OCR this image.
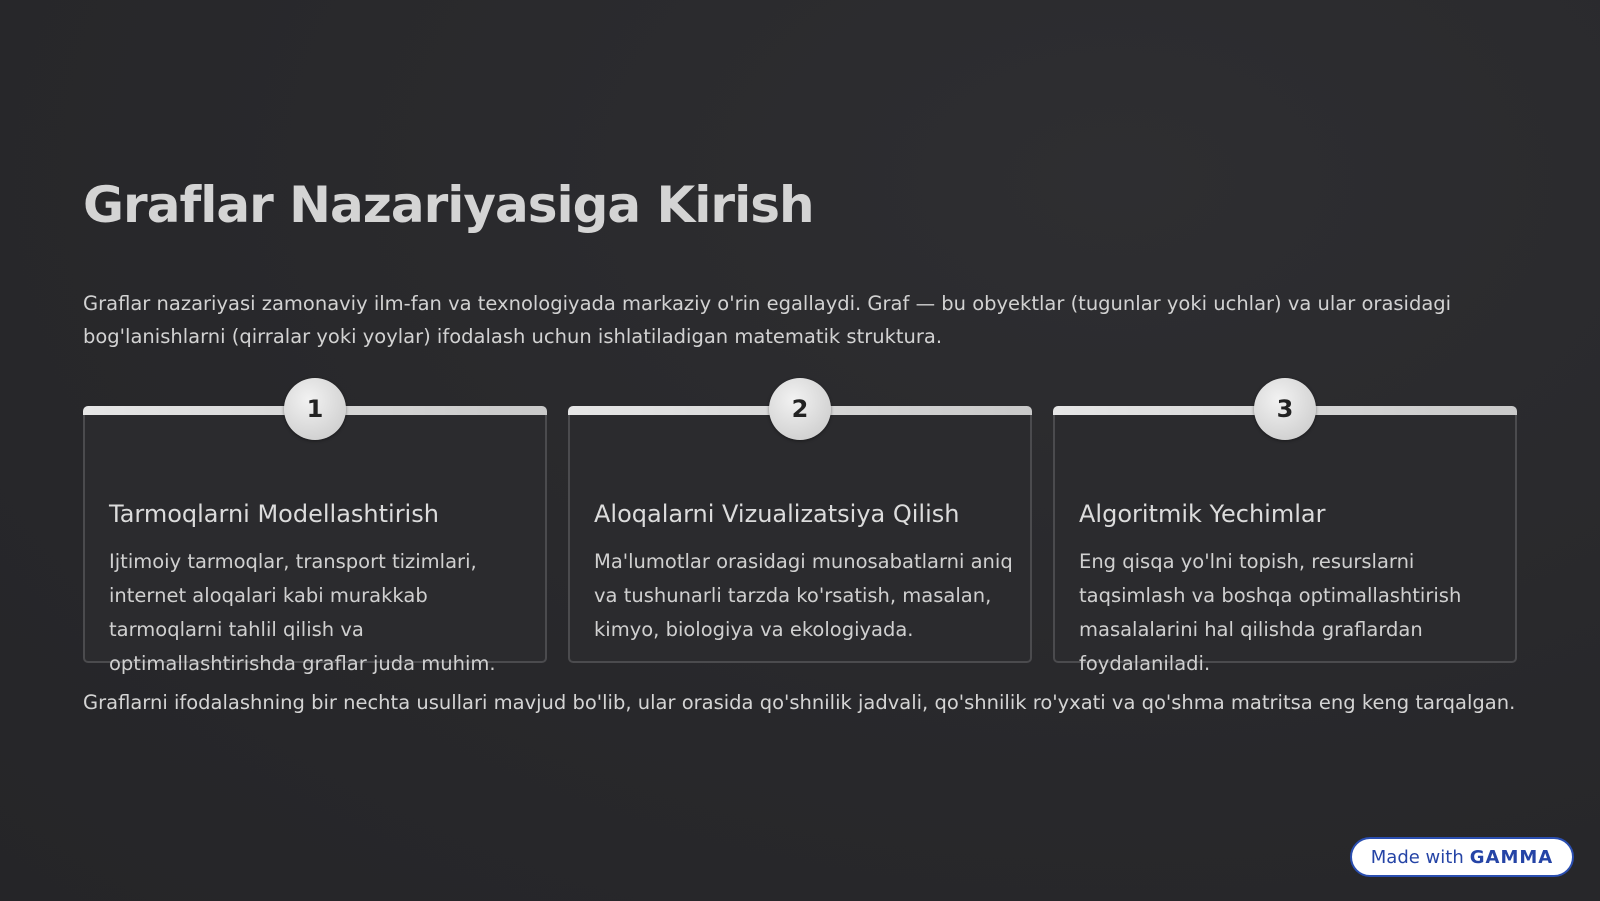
Graflar Nazariyasiga Kirish

Graflar nazariyasi zamonaviy ilm-fan va texnologiyada markaziy o'rin egallaydi. Graf — bu obyektlar (tugunlar yoki uchlar) va ular orasidagi bog'lanishlarni (qirralar yoki yoylar) ifodalash uchun ishlatiladigan matematik struktura.

1
Tarmoqlarni Modellashtirish

Ijtimoiy tarmoqlar, transport tizimlari, internet aloqalari kabi murakkab tarmoqlarni tahlil qilish va optimallashtirishda graflar juda muhim.

2
Aloqalarni Vizualizatsiya Qilish

Ma'lumotlar orasidagi munosabatlarni aniq va tushunarli tarzda ko'rsatish, masalan, kimyo, biologiya va ekologiyada.

3
Algoritmik Yechimlar

Eng qisqa yo'lni topish, resurslarni taqsimlash va boshqa optimallashtirish masalalarini hal qilishda graflardan foydalaniladi.

Graflarni ifodalashning bir nechta usullari mavjud bo'lib, ular orasida qo'shnilik jadvali, qo'shnilik ro'yxati va qo'shma matritsa eng keng tarqalgan.

Made with GAMMA
